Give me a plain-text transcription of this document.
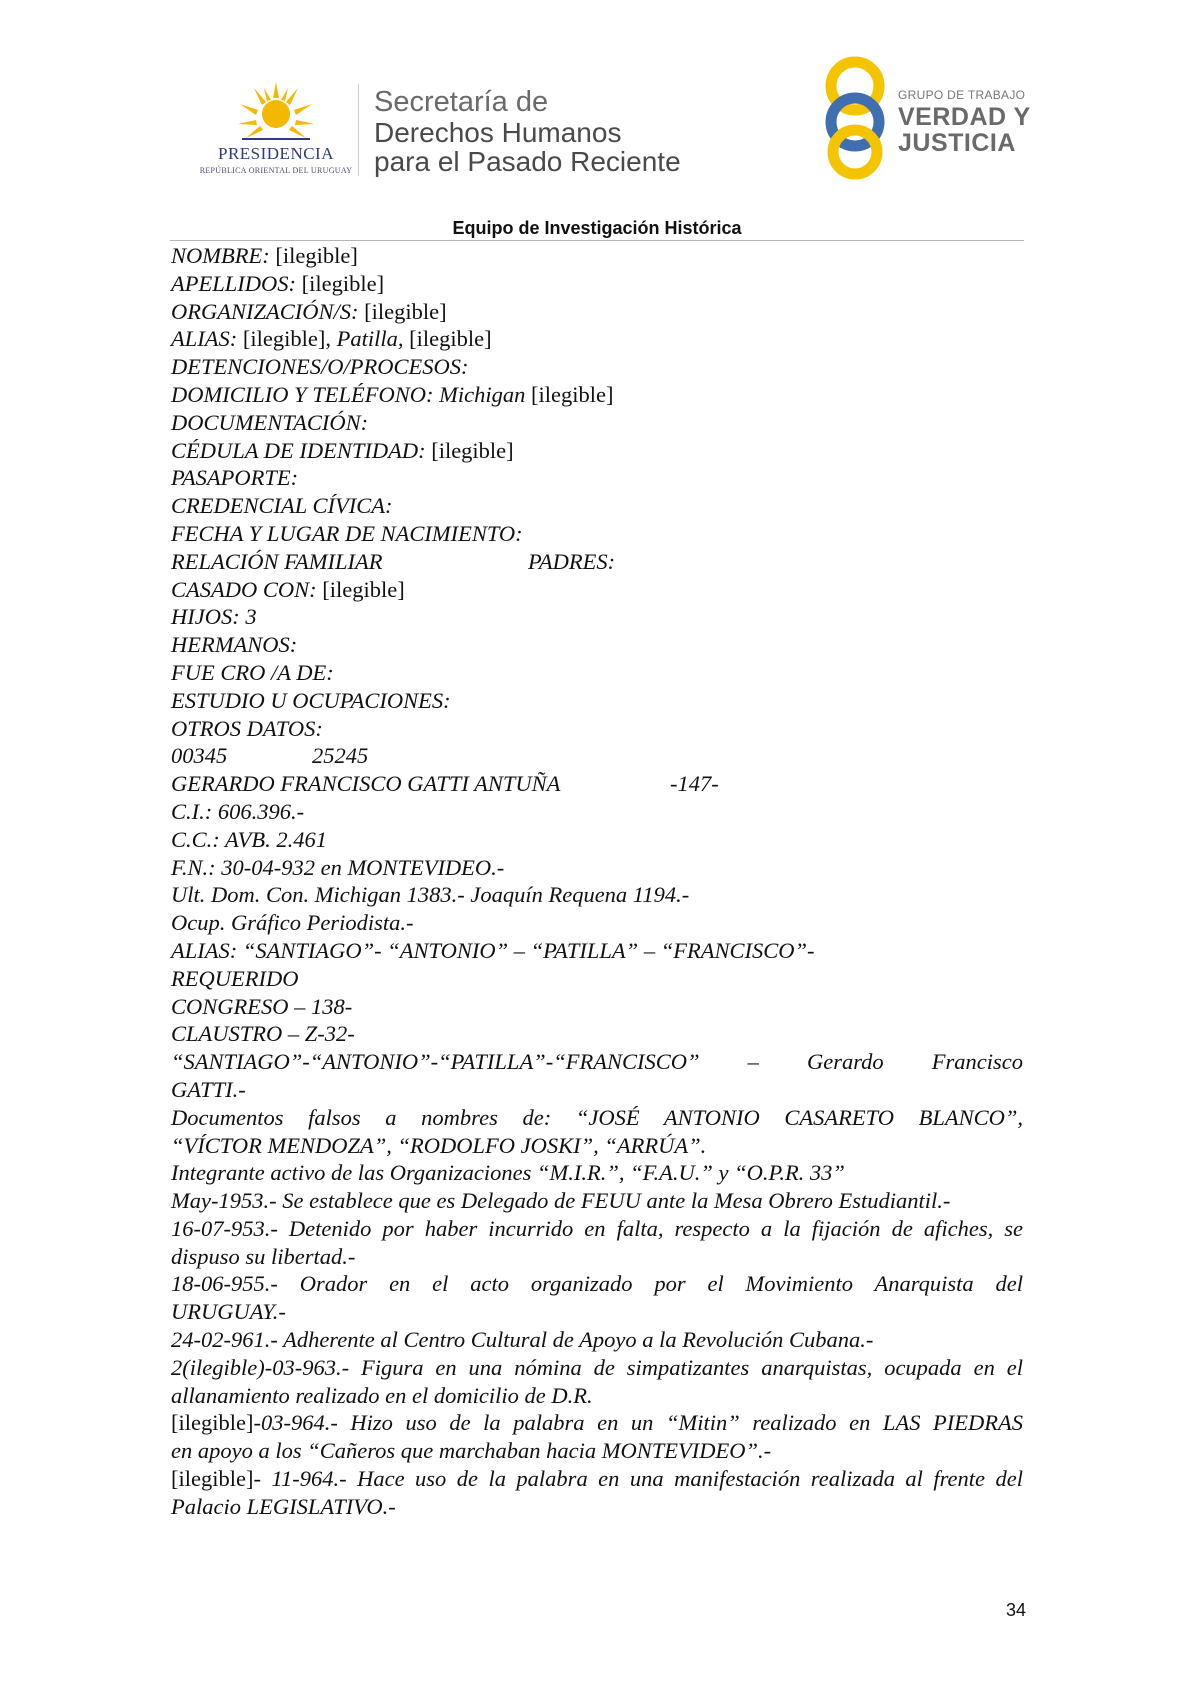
PRESIDENCIA
REPÚBLICA ORIENTAL DEL URUGUAY
Secretaría de
Derechos Humanos
para el Pasado Reciente
GRUPO DE TRABAJO
VERDAD Y
JUSTICIA
Equipo de Investigación Histórica
NOMBRE: [ilegible]
APELLIDOS: [ilegible]
ORGANIZACIÓN/S: [ilegible]
ALIAS: [ilegible], Patilla, [ilegible]
DETENCIONES/O/PROCESOS:
DOMICILIO Y TELÉFONO: Michigan [ilegible]
DOCUMENTACIÓN:
CÉDULA DE IDENTIDAD: [ilegible]
PASAPORTE:
CREDENCIAL CÍVICA:
FECHA Y LUGAR DE NACIMIENTO:
RELACIÓN FAMILIAR	PADRES:
CASADO CON: [ilegible]
HIJOS: 3
HERMANOS:
FUE CRO /A DE:
ESTUDIO U OCUPACIONES:
OTROS DATOS:
00345	25245
GERARDO FRANCISCO GATTI ANTUÑA	-147-
C.I.: 606.396.-
C.C.: AVB. 2.461
F.N.: 30-04-932 en MONTEVIDEO.-
Ult. Dom. Con. Michigan 1383.- Joaquín Requena 1194.-
Ocup. Gráfico Periodista.-
ALIAS: “SANTIAGO”- “ANTONIO” – “PATILLA” – “FRANCISCO”-
REQUERIDO
CONGRESO – 138-
CLAUSTRO – Z-32-
“SANTIAGO”-“ANTONIO”-“PATILLA”-“FRANCISCO” – Gerardo Francisco
GATTI.-
Documentos falsos a nombres de: “JOSÉ ANTONIO CASARETO BLANCO”,
“VÍCTOR MENDOZA”, “RODOLFO JOSKI”, “ARRÚA”.
Integrante activo de las Organizaciones “M.I.R.”, “F.A.U.” y “O.P.R. 33”
May-1953.- Se establece que es Delegado de FEUU ante la Mesa Obrero Estudiantil.-
16-07-953.- Detenido por haber incurrido en falta, respecto a la fijación de afiches, se
dispuso su libertad.-
18-06-955.- Orador en el acto organizado por el Movimiento Anarquista del
URUGUAY.-
24-02-961.- Adherente al Centro Cultural de Apoyo a la Revolución Cubana.-
2(ilegible)-03-963.- Figura en una nómina de simpatizantes anarquistas, ocupada en el
allanamiento realizado en el domicilio de D.R.
[ilegible] -03-964.- Hizo uso de la palabra en un “Mitin” realizado en LAS PIEDRAS
en apoyo a los “Cañeros que marchaban hacia MONTEVIDEO”.-
[ilegible] - 11-964.- Hace uso de la palabra en una manifestación realizada al frente del
Palacio LEGISLATIVO.-
34
